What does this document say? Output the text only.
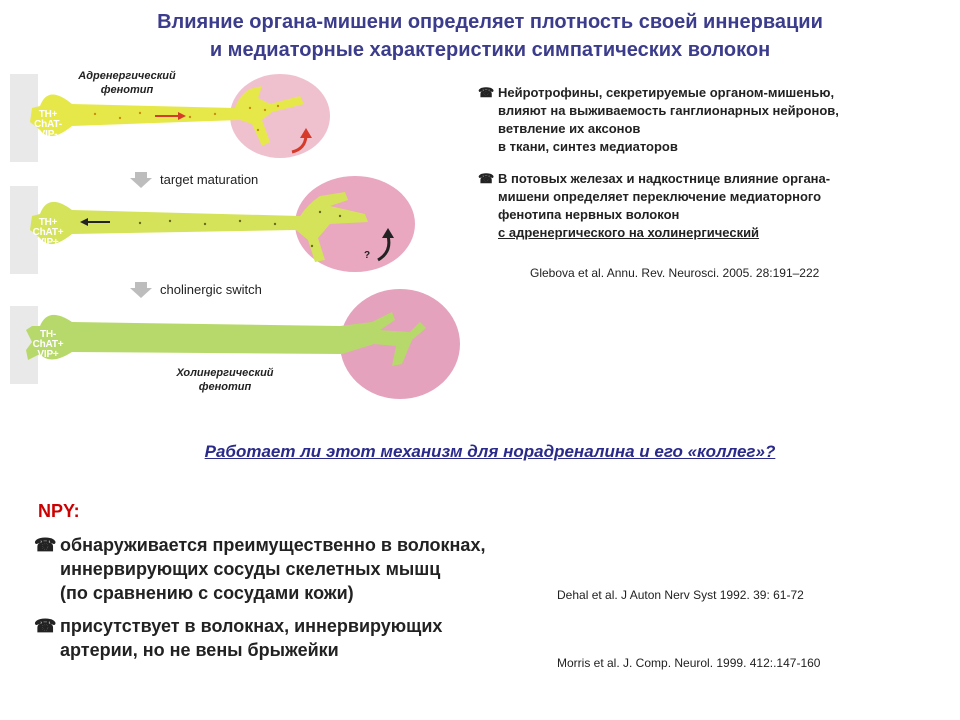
Влияние органа-мишени определяет плотность своей иннервации
и медиаторные характеристики симпатических волокон
Адренергический
фенотип
TH+
ChAT-
VIP-
TH+
ChAT+
VIP+
TH-
ChAT+
VIP+
target maturation
cholinergic switch
?
Холинергический
фенотип
☎ Нейротрофины, секретируемые органом-мишенью,
влияют на выживаемость ганглионарных нейронов,
ветвление их аксонов
в ткани, синтез медиаторов
☎ В потовых железах и надкостнице влияние органа-
мишени определяет переключение медиаторного
фенотипа нервных волокон
с адренергического на холинергический
Glebova et al. Annu. Rev. Neurosci. 2005. 28:191–222
Работает ли этот механизм для норадреналина и его «коллег»?
NPY:
☎ обнаруживается преимущественно в волокнах,
иннервирующих сосуды скелетных мышц
(по сравнению с сосудами кожи)	Dehal et al. J Auton Nerv Syst 1992. 39: 61-72
☎ присутствует в волокнах, иннервирующих
артерии, но не вены брыжейки
Morris et al. J. Comp. Neurol. 1999. 412:.147-160
